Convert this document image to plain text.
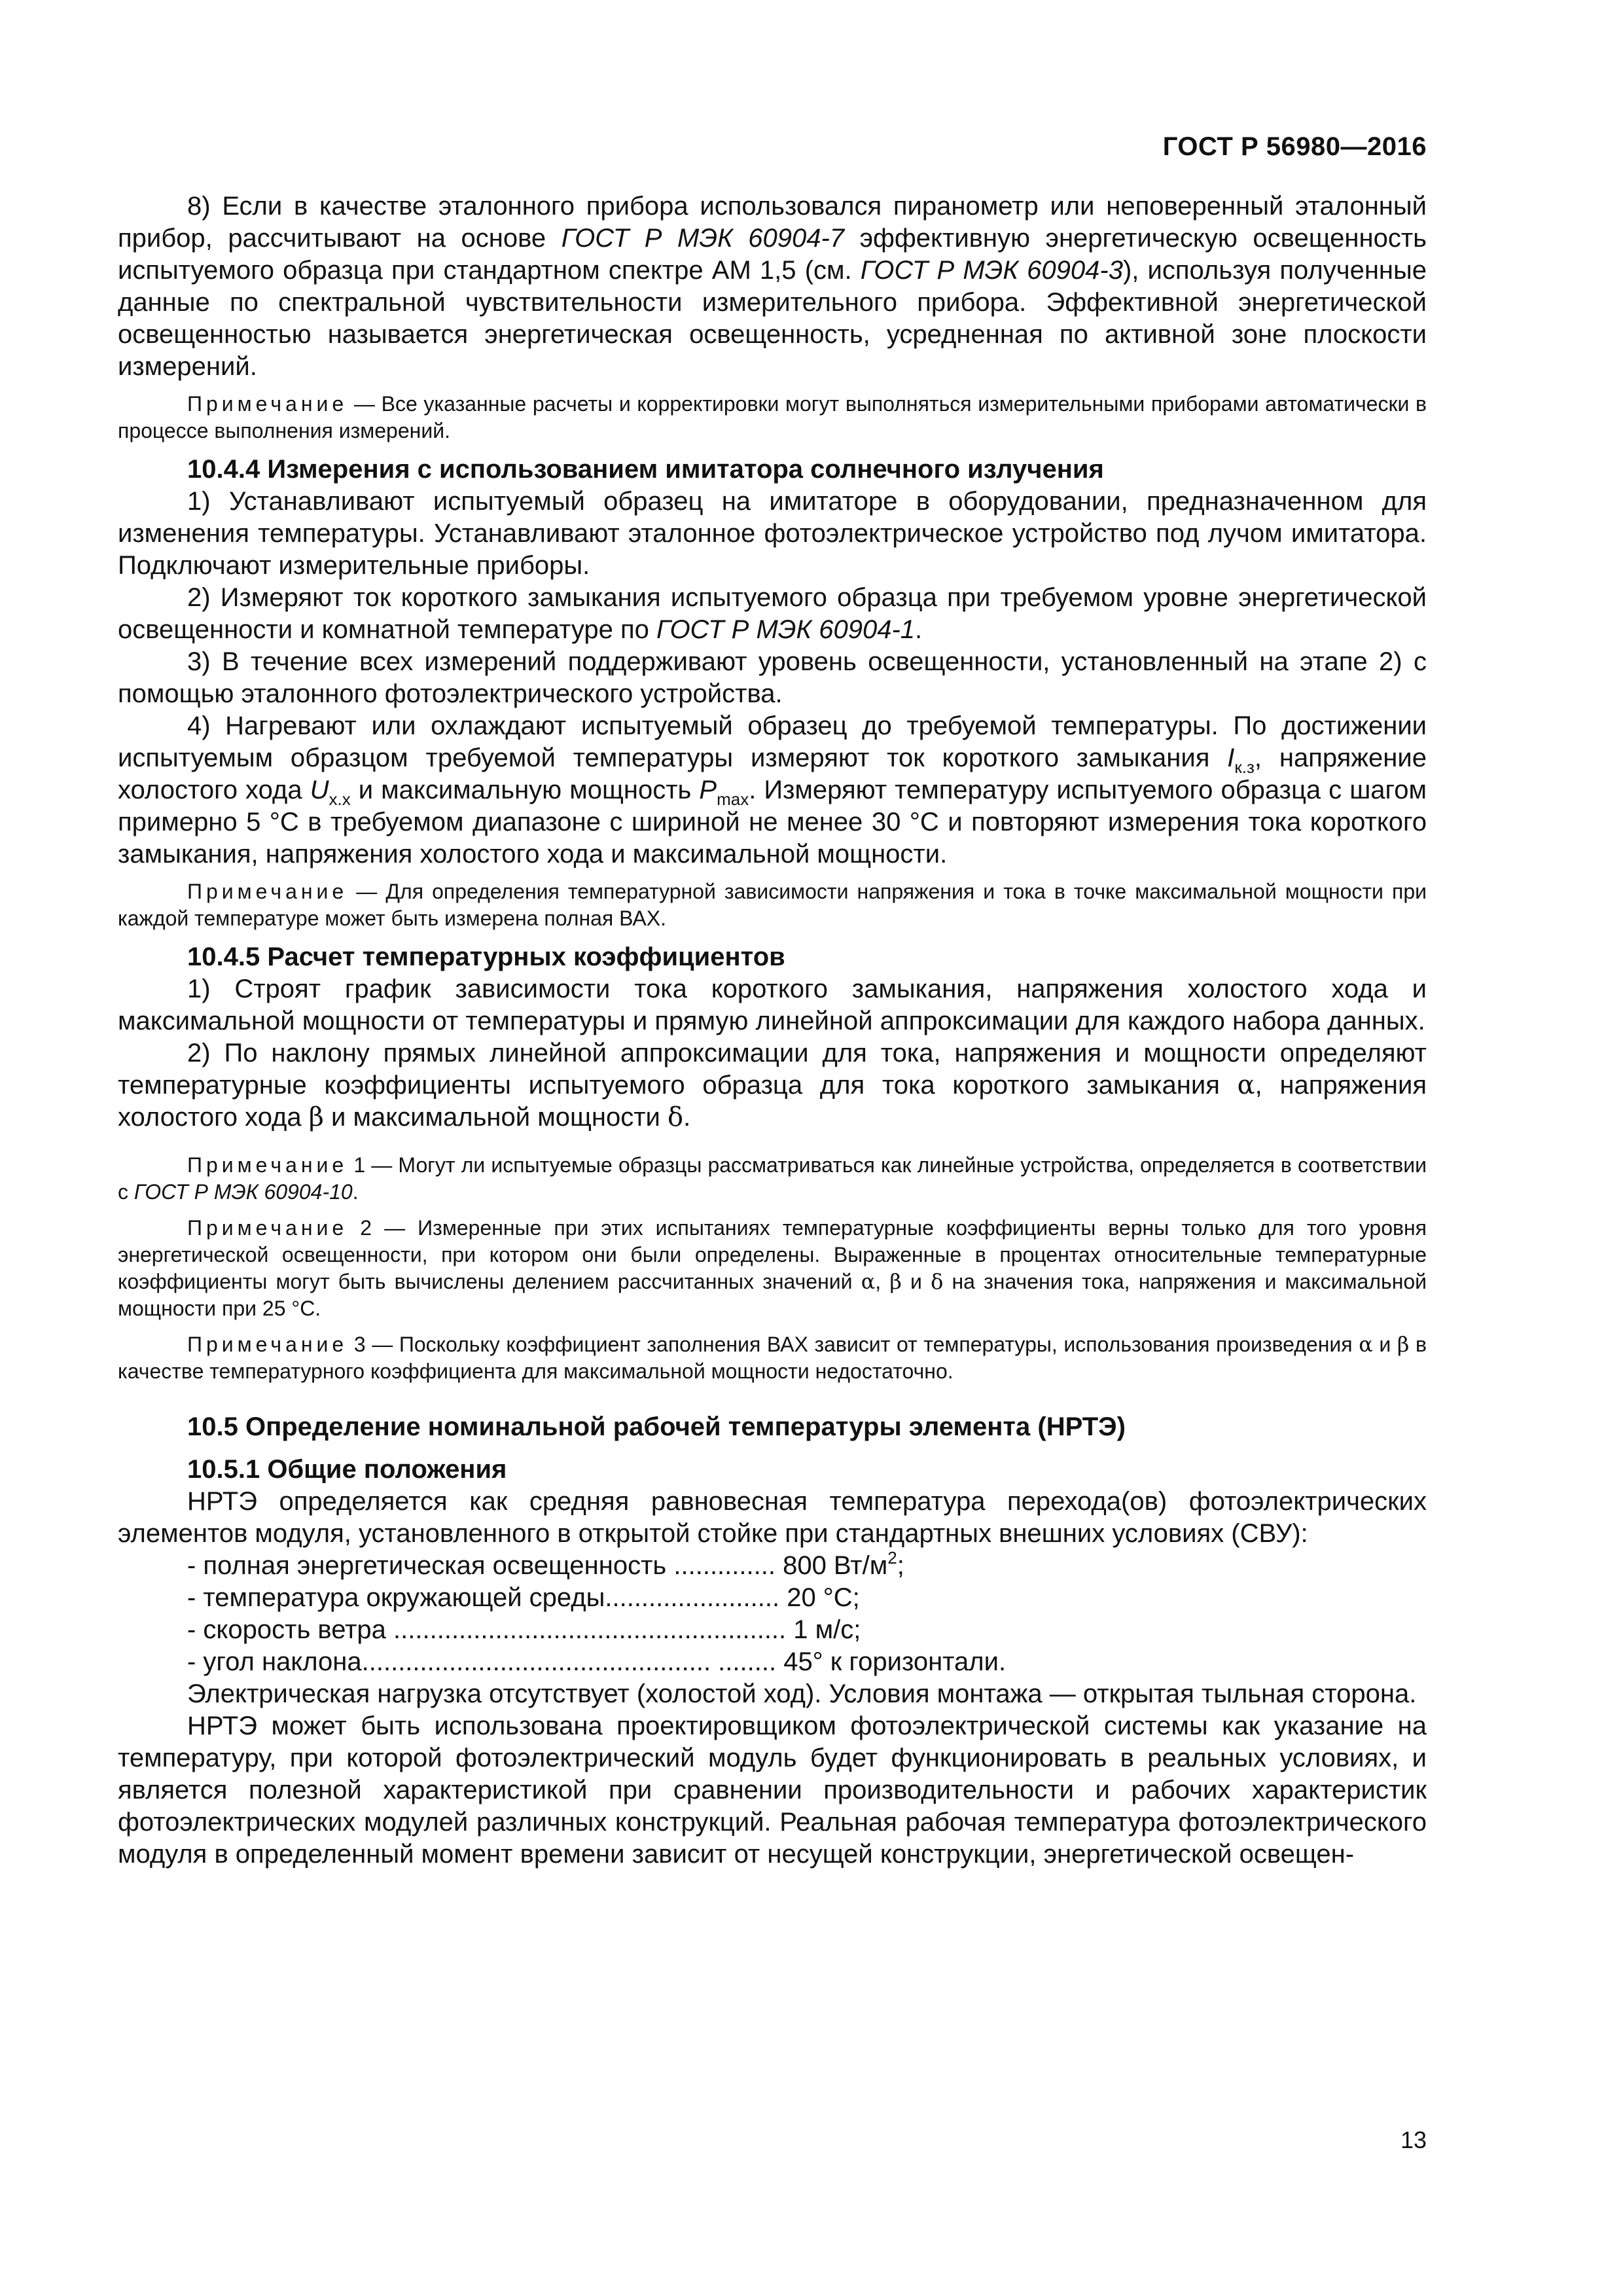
ГОСТ Р 56980—2016

8) Если в качестве эталонного прибора использовался пиранометр или неповеренный эталонный прибор, рассчитывают на основе ГОСТ Р МЭК 60904-7 эффективную энергетическую освещенность испытуемого образца при стандартном спектре АМ 1,5 (см. ГОСТ Р МЭК 60904-3), используя полученные данные по спектральной чувствительности измерительного прибора. Эффективной энергетической освещенностью называется энергетическая освещенность, усредненная по активной зоне плоскости измерений.

Примечание — Все указанные расчеты и корректировки могут выполняться измерительными приборами автоматически в процессе выполнения измерений.

10.4.4 Измерения с использованием имитатора солнечного излучения

1) Устанавливают испытуемый образец на имитаторе в оборудовании, предназначенном для изменения температуры. Устанавливают эталонное фотоэлектрическое устройство под лучом имитатора. Подключают измерительные приборы.

2) Измеряют ток короткого замыкания испытуемого образца при требуемом уровне энергетической освещенности и комнатной температуре по ГОСТ Р МЭК 60904-1.

3) В течение всех измерений поддерживают уровень освещенности, установленный на этапе 2) с помощью эталонного фотоэлектрического устройства.

4) Нагревают или охлаждают испытуемый образец до требуемой температуры. По достижении испытуемым образцом требуемой температуры измеряют ток короткого замыкания $I_{к.з}$, напряжение холостого хода $U_{х.х}$ и максимальную мощность $P_{max}$. Измеряют температуру испытуемого образца с шагом примерно 5 °С в требуемом диапазоне с шириной не менее 30 °С и повторяют измерения тока короткого замыкания, напряжения холостого хода и максимальной мощности.

Примечание — Для определения температурной зависимости напряжения и тока в точке максимальной мощности при каждой температуре может быть измерена полная ВАХ.

10.4.5 Расчет температурных коэффициентов

1) Строят график зависимости тока короткого замыкания, напряжения холостого хода и максимальной мощности от температуры и прямую линейной аппроксимации для каждого набора данных.

2) По наклону прямых линейной аппроксимации для тока, напряжения и мощности определяют температурные коэффициенты испытуемого образца для тока короткого замыкания α, напряжения холостого хода β и максимальной мощности δ.

Примечание 1 — Могут ли испытуемые образцы рассматриваться как линейные устройства, определяется в соответствии с ГОСТ Р МЭК 60904-10.

Примечание 2 — Измеренные при этих испытаниях температурные коэффициенты верны только для того уровня энергетической освещенности, при котором они были определены. Выраженные в процентах относительные температурные коэффициенты могут быть вычислены делением рассчитанных значений α, β и δ на значения тока, напряжения и максимальной мощности при 25 °С.

Примечание 3 — Поскольку коэффициент заполнения ВАХ зависит от температуры, использования произведения α и β в качестве температурного коэффициента для максимальной мощности недостаточно.

10.5 Определение номинальной рабочей температуры элемента (НРТЭ)

10.5.1 Общие положения

НРТЭ определяется как средняя равновесная температура перехода(ов) фотоэлектрических элементов модуля, установленного в открытой стойке при стандартных внешних условиях (СВУ):

- полная энергетическая освещенность .............. 800 $Вт/м^2$;

- температура окружающей среды........................ 20 °С;

- скорость ветра ...................................................... 1 м/с;

- угол наклона................................................ ........ 45° к горизонтали.

Электрическая нагрузка отсутствует (холостой ход). Условия монтажа — открытая тыльная сторона.

НРТЭ может быть использована проектировщиком фотоэлектрической системы как указание на температуру, при которой фотоэлектрический модуль будет функционировать в реальных условиях, и является полезной характеристикой при сравнении производительности и рабочих характеристик фотоэлектрических модулей различных конструкций. Реальная рабочая температура фотоэлектрического модуля в определенный момент времени зависит от несущей конструкции, энергетической освещен-

13
